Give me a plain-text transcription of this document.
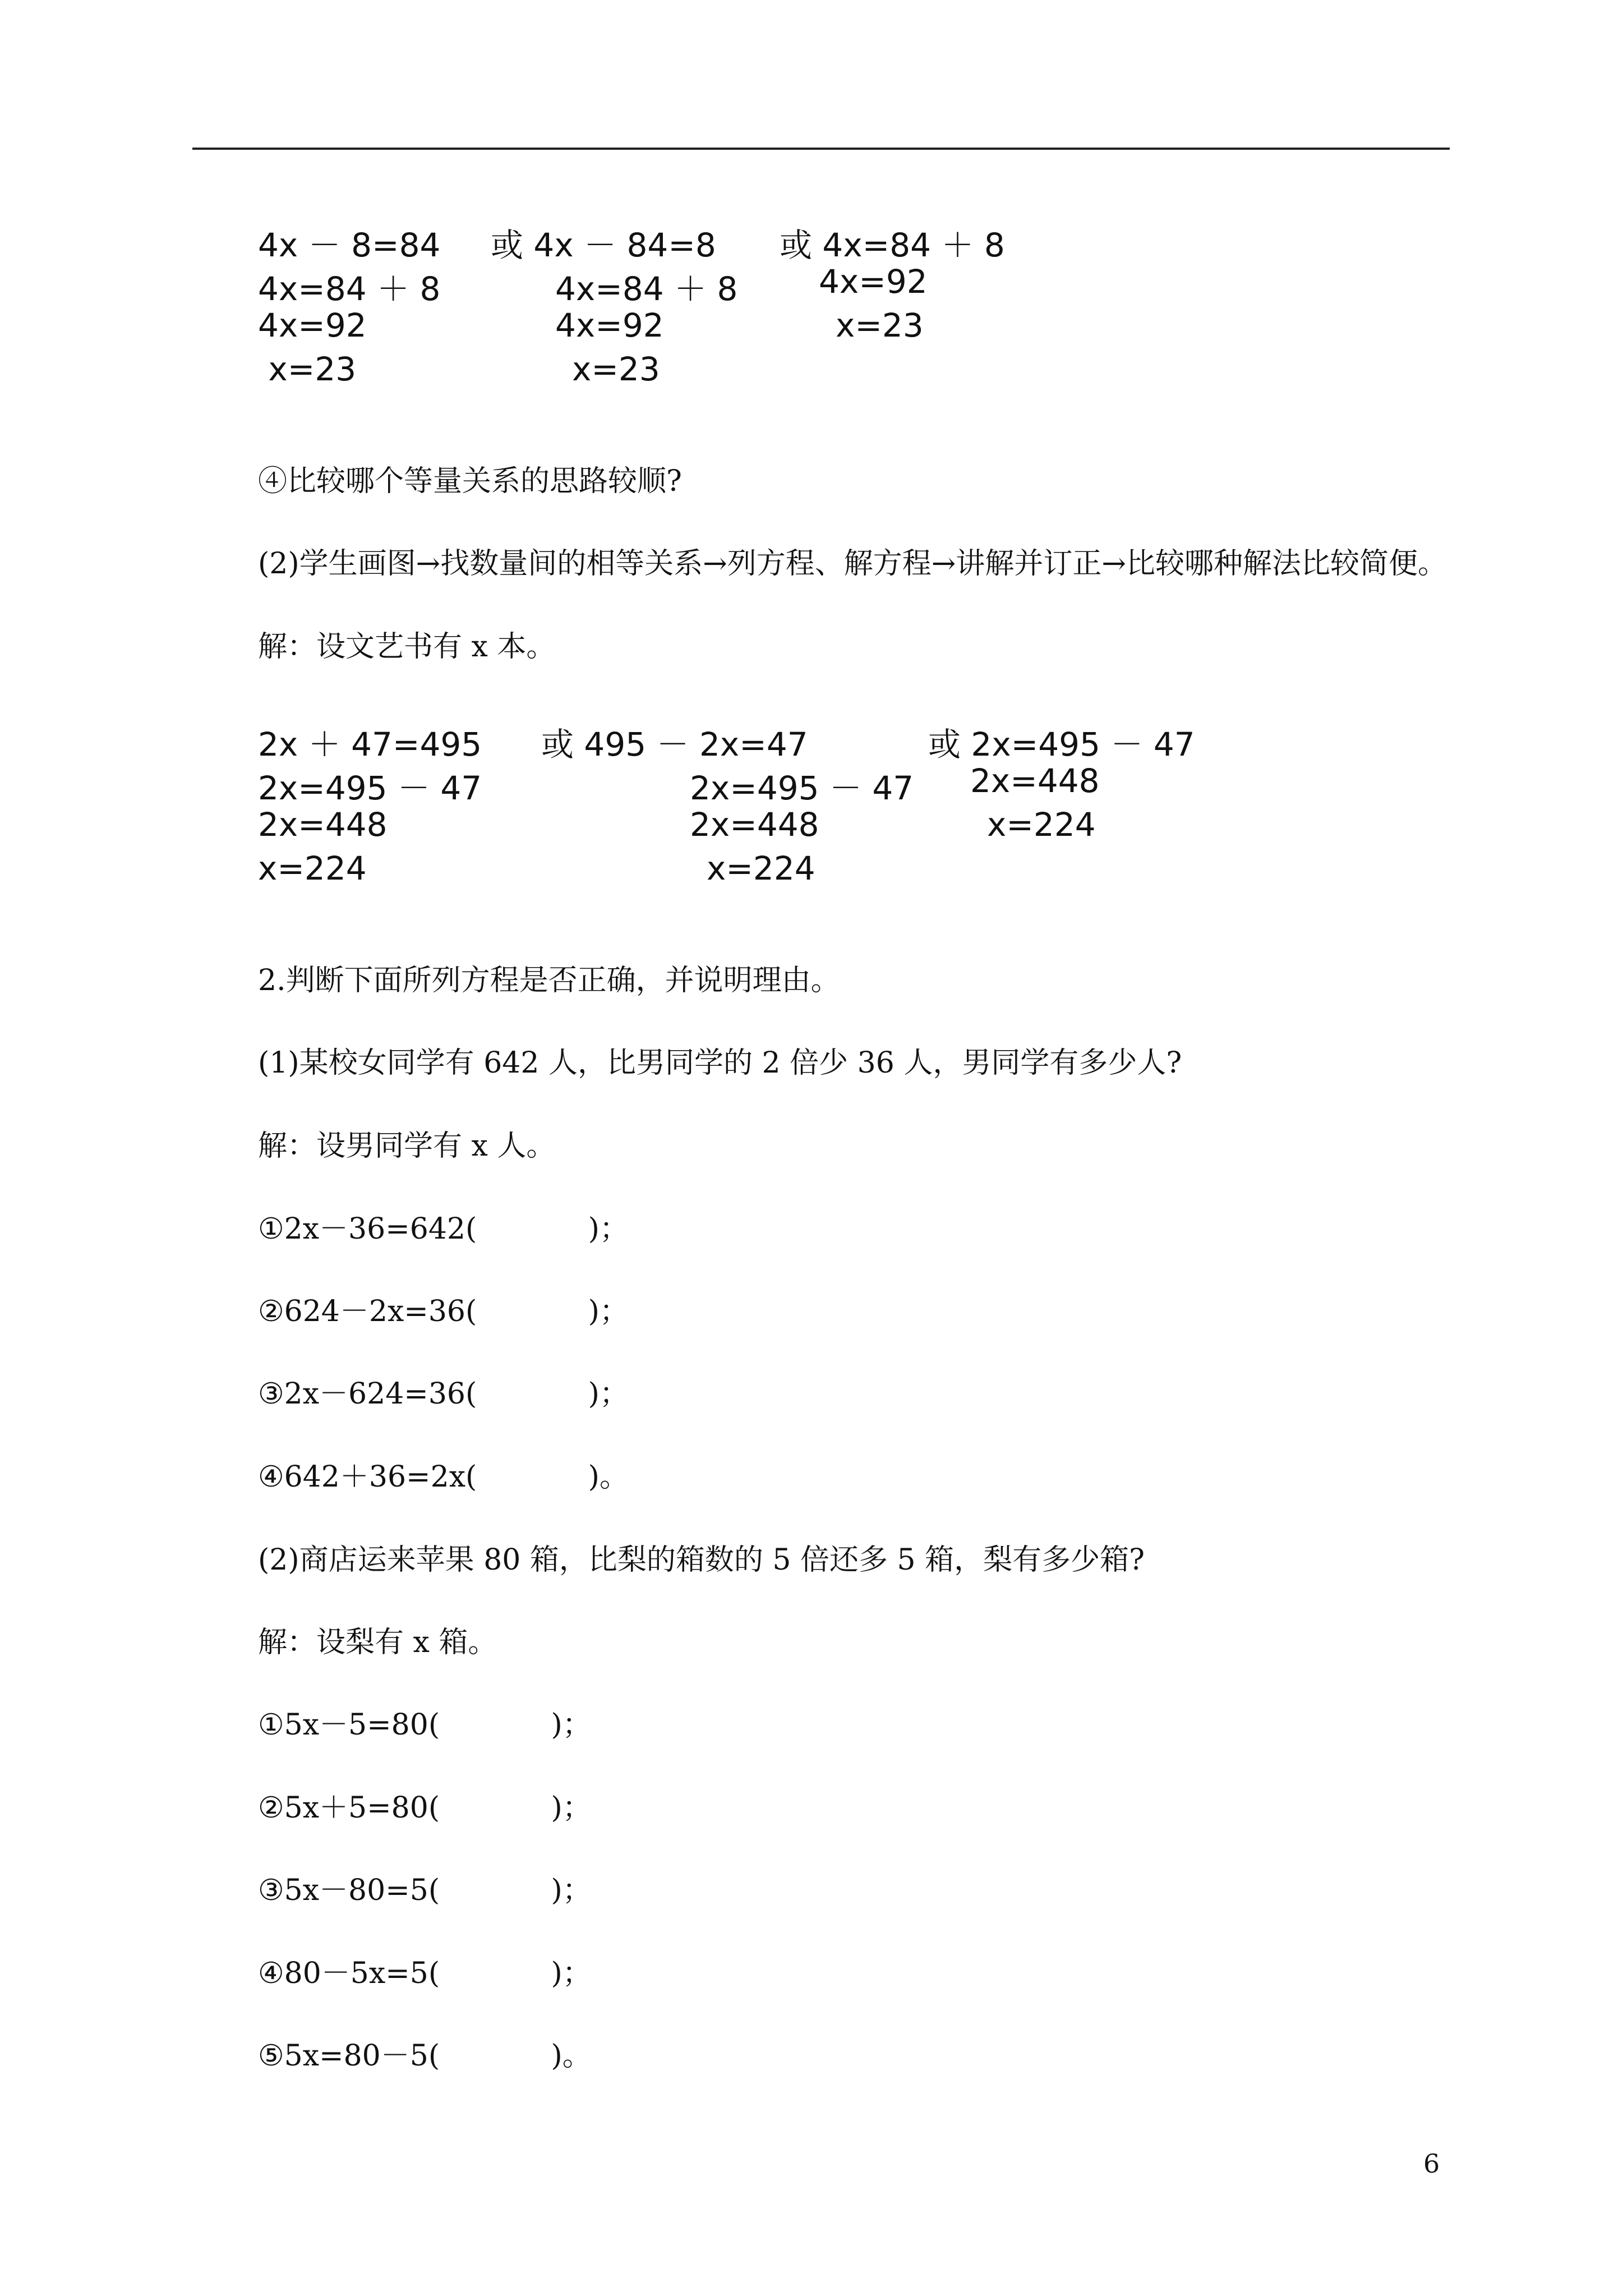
4x － 8=84
4x=84 ＋ 8
4x=92
x=23
或 4x － 84=8
4x=84 ＋ 8
4x=92
x=23
或 4x=84 ＋ 8
4x=92
x=23
④比较哪个等量关系的思路较顺?
(2)学生画图→找数量间的相等关系→列方程、解方程→讲解并订正→比较哪种解法比较简便。
解：设文艺书有 x 本。
2x ＋ 47=495
2x=495 － 47
2x=448
x=224
或 495 － 2x=47
2x=495 － 47
2x=448
x=224
或 2x=495 － 47
2x=448
x=224
2.判断下面所列方程是否正确，并说明理由。
(1)某校女同学有 642 人，比男同学的 2 倍少 36 人，男同学有多少人?
解：设男同学有 x 人。
①2x－36=642(            )；
②624－2x=36(            )；
③2x－624=36(            )；
④642＋36=2x(            )。
(2)商店运来苹果 80 箱，比梨的箱数的 5 倍还多 5 箱，梨有多少箱?
解：设梨有 x 箱。
①5x－5=80(            )；
②5x＋5=80(            )；
③5x－80=5(            )；
④80－5x=5(            )；
⑤5x=80－5(            )。
6
